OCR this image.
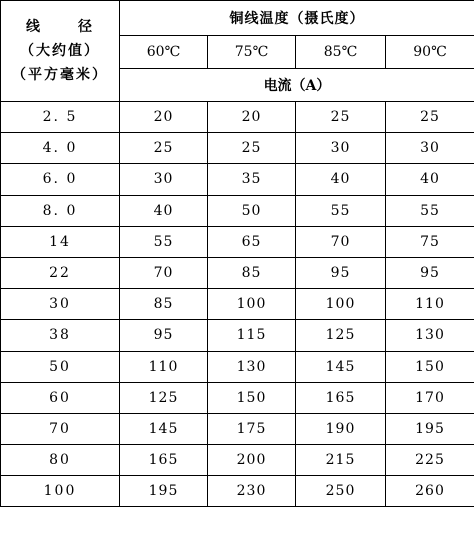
线 径
（大约值）
（平方毫米）	铜线温度（摄氏度）			
	60℃	75℃	85℃	90℃
	电流（A）			
2. 5	20	20	25	25
4. 0	25	25	30	30
6. 0	30	35	40	40
8. 0	40	50	55	55
14	55	65	70	75
22	70	85	95	95
30	85	100	100	110
38	95	115	125	130
50	110	130	145	150
60	125	150	165	170
70	145	175	190	195
80	165	200	215	225
100	195	230	250	260
